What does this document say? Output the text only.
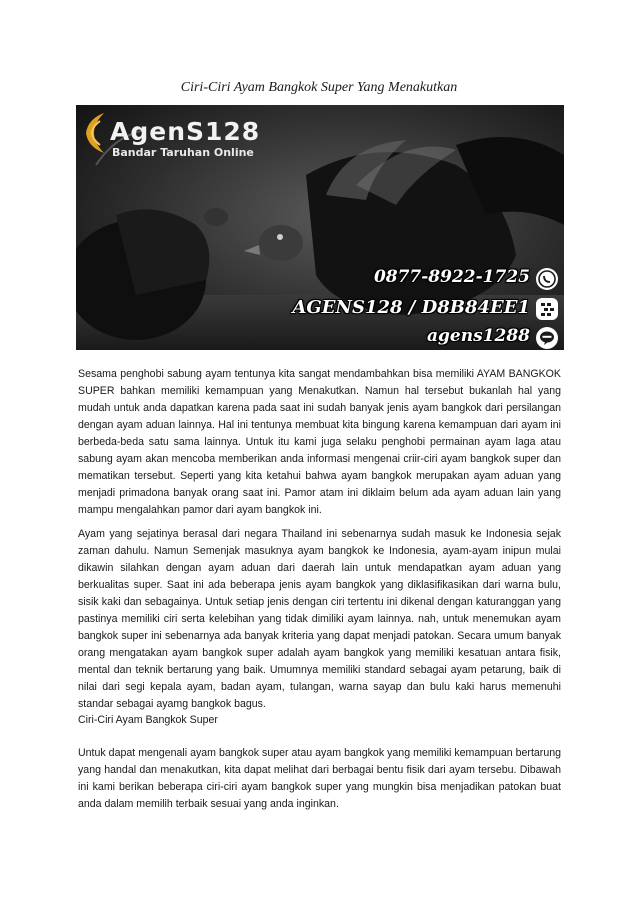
Ciri-Ciri Ayam Bangkok Super Yang Menakutkan
AgenS128
Bandar Taruhan Online
0877-8922-1725
AGENS128 / D8B84EE1
agens1288
Sesama penghobi sabung ayam tentunya kita sangat mendambahkan bisa memiliki AYAM BANGKOK SUPER bahkan memiliki kemampuan yang Menakutkan. Namun hal tersebut bukanlah hal yang mudah untuk anda dapatkan karena pada saat ini sudah banyak jenis ayam bangkok dari persilangan dengan ayam aduan lainnya. Hal ini tentunya membuat kita bingung karena kemampuan dari ayam ini berbeda-beda satu sama lainnya. Untuk itu kami juga selaku penghobi permainan ayam laga atau sabung ayam akan mencoba memberikan anda informasi mengenai criir-ciri ayam bangkok super dan mematikan tersebut. Seperti yang kita ketahui bahwa ayam bangkok merupakan ayam aduan yang menjadi primadona banyak orang saat ini. Pamor atam ini diklaim belum ada ayam aduan lain yang mampu mengalahkan pamor dari ayam bangkok ini.
Ayam yang sejatinya berasal dari negara Thailand ini sebenarnya sudah masuk ke Indonesia sejak zaman dahulu. Namun Semenjak masuknya ayam bangkok ke Indonesia, ayam-ayam inipun mulai dikawin silahkan dengan ayam aduan dari daerah lain untuk mendapatkan ayam aduan yang berkualitas super. Saat ini ada beberapa jenis ayam bangkok yang diklasifikasikan dari warna bulu, sisik kaki dan sebagainya. Untuk setiap jenis dengan ciri tertentu ini dikenal dengan katuranggan yang pastinya memiliki ciri serta kelebihan yang tidak dimiliki ayam lainnya. nah, untuk menemukan ayam bangkok super ini sebenarnya ada banyak kriteria yang dapat menjadi patokan. Secara umum banyak orang mengatakan ayam bangkok super adalah ayam bangkok yang memiliki kesatuan antara fisik, mental dan teknik bertarung yang baik. Umumnya memiliki standard sebagai ayam petarung, baik di nilai dari segi kepala ayam, badan ayam, tulangan, warna sayap dan bulu kaki harus memenuhi standar sebagai ayamg bangkok bagus.
Ciri-Ciri Ayam Bangkok Super
Untuk dapat mengenali ayam bangkok super atau ayam bangkok yang memiliki kemampuan bertarung yang handal dan menakutkan, kita dapat melihat dari berbagai bentu fisik dari ayam tersebu. Dibawah ini kami berikan beberapa ciri-ciri ayam bangkok super yang mungkin bisa menjadikan patokan buat anda dalam memilih terbaik sesuai yang anda inginkan.
